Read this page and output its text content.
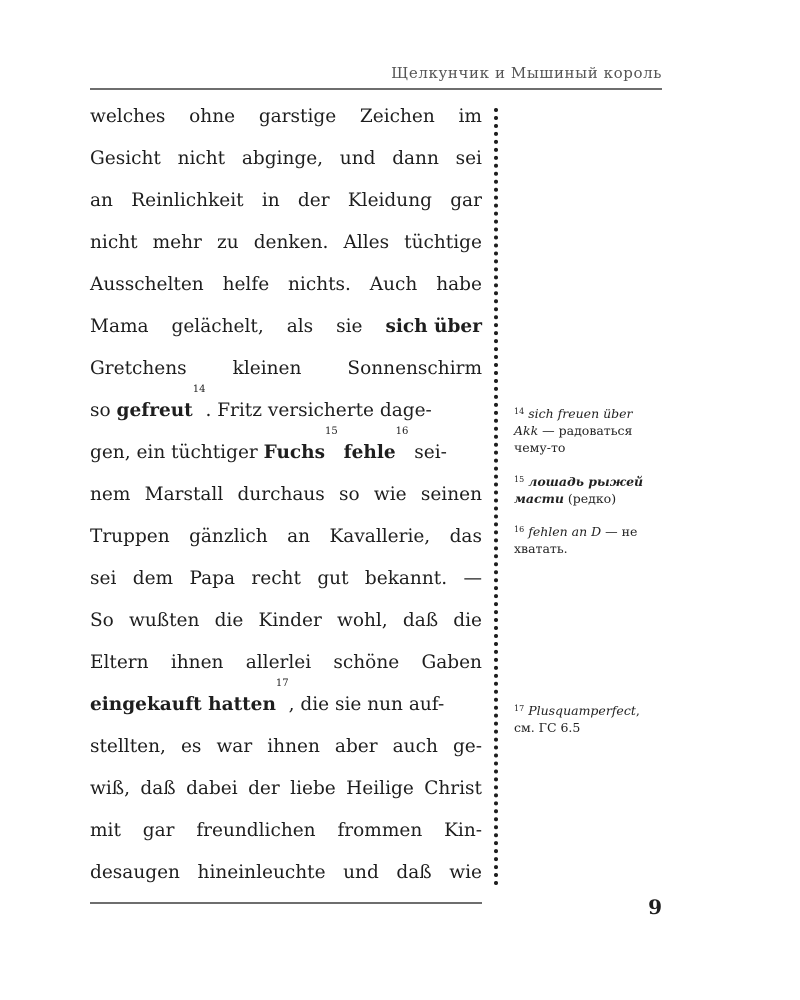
Щелкунчик и Мышиный король
welches ohne garstige Zeichen im
Gesicht nicht abginge, und dann sei
an Reinlichkeit in der Kleidung gar
nicht mehr zu denken. Alles tüchtige
Ausschelten helfe nichts. Auch habe
Mama gelächelt, als sie sich über
Gretchens kleinen Sonnenschirm
so
gefreut
14
. Fritz versicherte dage-
gen, ein tüchtiger
Fuchs
15

fehle
16

sei-
nem Marstall durchaus so wie seinen
Truppen gänzlich an Kavallerie, das
sei dem Papa recht gut bekannt. —
So wußten die Kinder wohl, daß die
Eltern ihnen allerlei schöne Gaben
eingekauft hatten
17
, die sie nun auf-
stellten, es war ihnen aber auch ge-
wiß, daß dabei der liebe Heilige Christ
mit gar freundlichen frommen Kin-
desaugen hineinleuchte und daß wie
$^{14}$ sich freuen über Akk — радоваться чему-то
$^{15}$ лошадь рыжей масти (редко)
$^{16}$ fehlen an D — не хватать.
$^{17}$ Plusquamperfect, см. ГС 6.5
9
